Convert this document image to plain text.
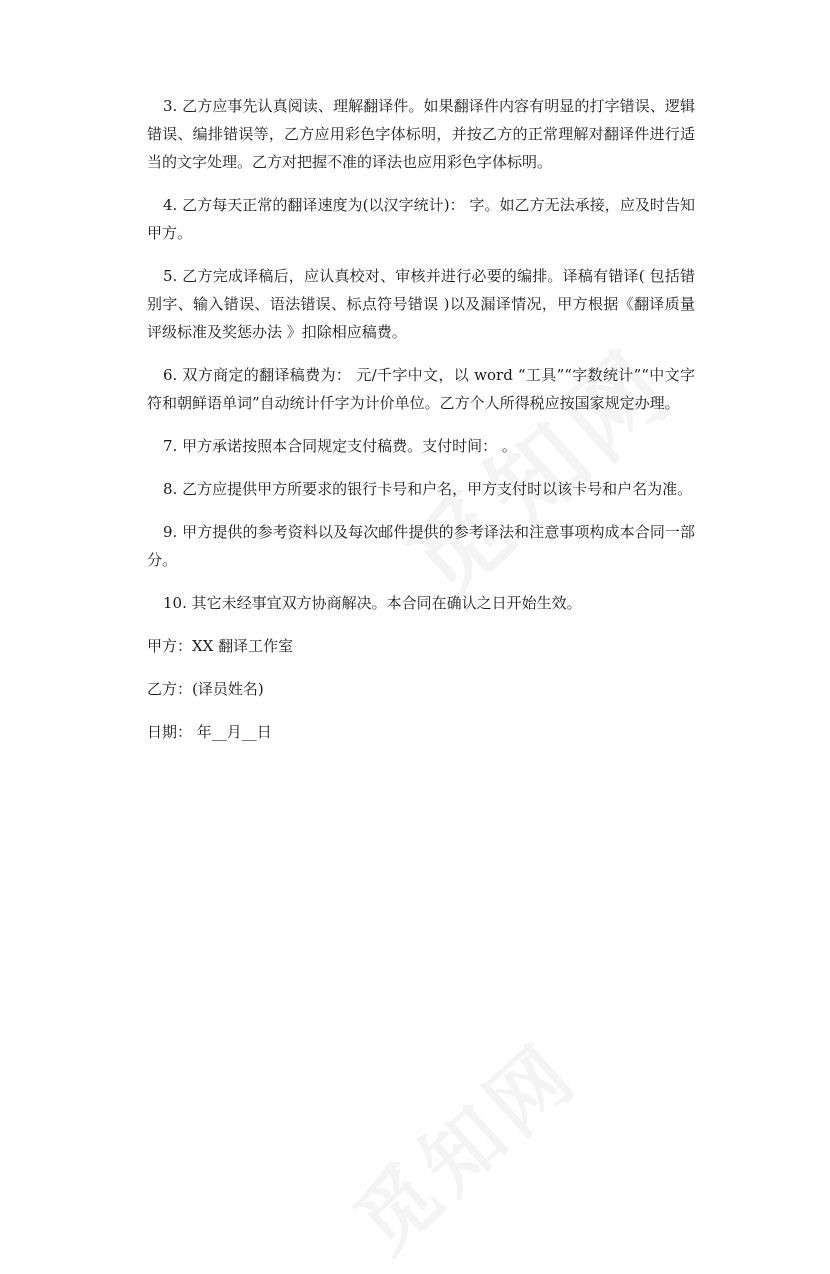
3. 乙方应事先认真阅读、理解翻译件。如果翻译件内容有明显的打字错误、逻辑错误、编排错误等，乙方应用彩色字体标明，并按乙方的正常理解对翻译件进行适当的文字处理。乙方对把握不准的译法也应用彩色字体标明。

4. 乙方每天正常的翻译速度为(以汉字统计)： 字。如乙方无法承接，应及时告知甲方。

5. 乙方完成译稿后，应认真校对、审核并进行必要的编排。译稿有错译( 包括错别字、输入错误、语法错误、标点符号错误 )以及漏译情况，甲方根据《翻译质量评级标准及奖惩办法 》扣除相应稿费。

6. 双方商定的翻译稿费为： 元/千字中文，以 word “工具”“字数统计”“中文字符和朝鲜语单词”自动统计仟字为计价单位。乙方个人所得税应按国家规定办理。

7. 甲方承诺按照本合同规定支付稿费。支付时间： 。

8. 乙方应提供甲方所要求的银行卡号和户名，甲方支付时以该卡号和户名为准。

9. 甲方提供的参考资料以及每次邮件提供的参考译法和注意事项构成本合同一部分。

10. 其它未经事宜双方协商解决。本合同在确认之日开始生效。

甲方：XX 翻译工作室

乙方：(译员姓名)

日期： 年__月__日
